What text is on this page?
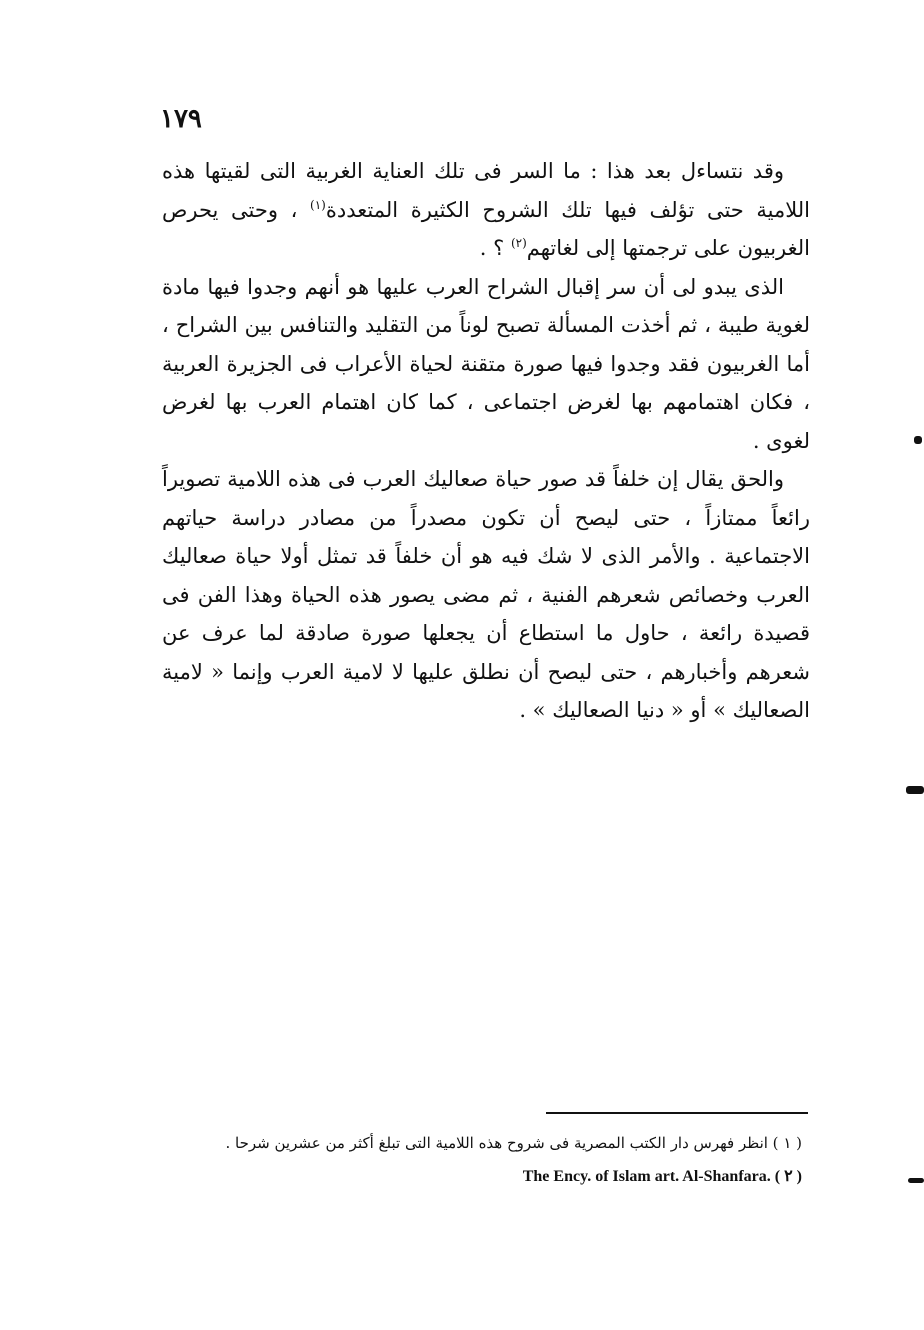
١٧٩

وقد نتساءل بعد هذا : ما السر فى تلك العناية الغربية التى لقيتها هذه اللامية حتى تؤلف فيها تلك الشروح الكثيرة المتعددة$^{(١)}$ ، وحتى يحرص الغربيون على ترجمتها إلى لغاتهم$^{(٢)}$ ؟ .

الذى يبدو لى أن سر إقبال الشراح العرب عليها هو أنهم وجدوا فيها مادة لغوية طيبة ، ثم أخذت المسألة تصبح لوناً من التقليد والتنافس بين الشراح ، أما الغربيون فقد وجدوا فيها صورة متقنة لحياة الأعراب فى الجزيرة العربية ، فكان اهتمامهم بها لغرض اجتماعى ، كما كان اهتمام العرب بها لغرض لغوى .

والحق يقال إن خلفاً قد صور حياة صعاليك العرب فى هذه اللامية تصويراً رائعاً ممتازاً ، حتى ليصح أن تكون مصدراً من مصادر دراسة حياتهم الاجتماعية . والأمر الذى لا شك فيه هو أن خلفاً قد تمثل أولا حياة صعاليك العرب وخصائص شعرهم الفنية ، ثم مضى يصور هذه الحياة وهذا الفن فى قصيدة رائعة ، حاول ما استطاع أن يجعلها صورة صادقة لما عرف عن شعرهم وأخبارهم ، حتى ليصح أن نطلق عليها لا لامية العرب وإنما « لامية الصعاليك » أو « دنيا الصعاليك » .

( ١ ) انظر فهرس دار الكتب المصرية فى شروح هذه اللامية التى تبلغ أكثر من عشرين شرحا .

The Ency. of Islam art. Al-Shanfara. ( ٢ )
